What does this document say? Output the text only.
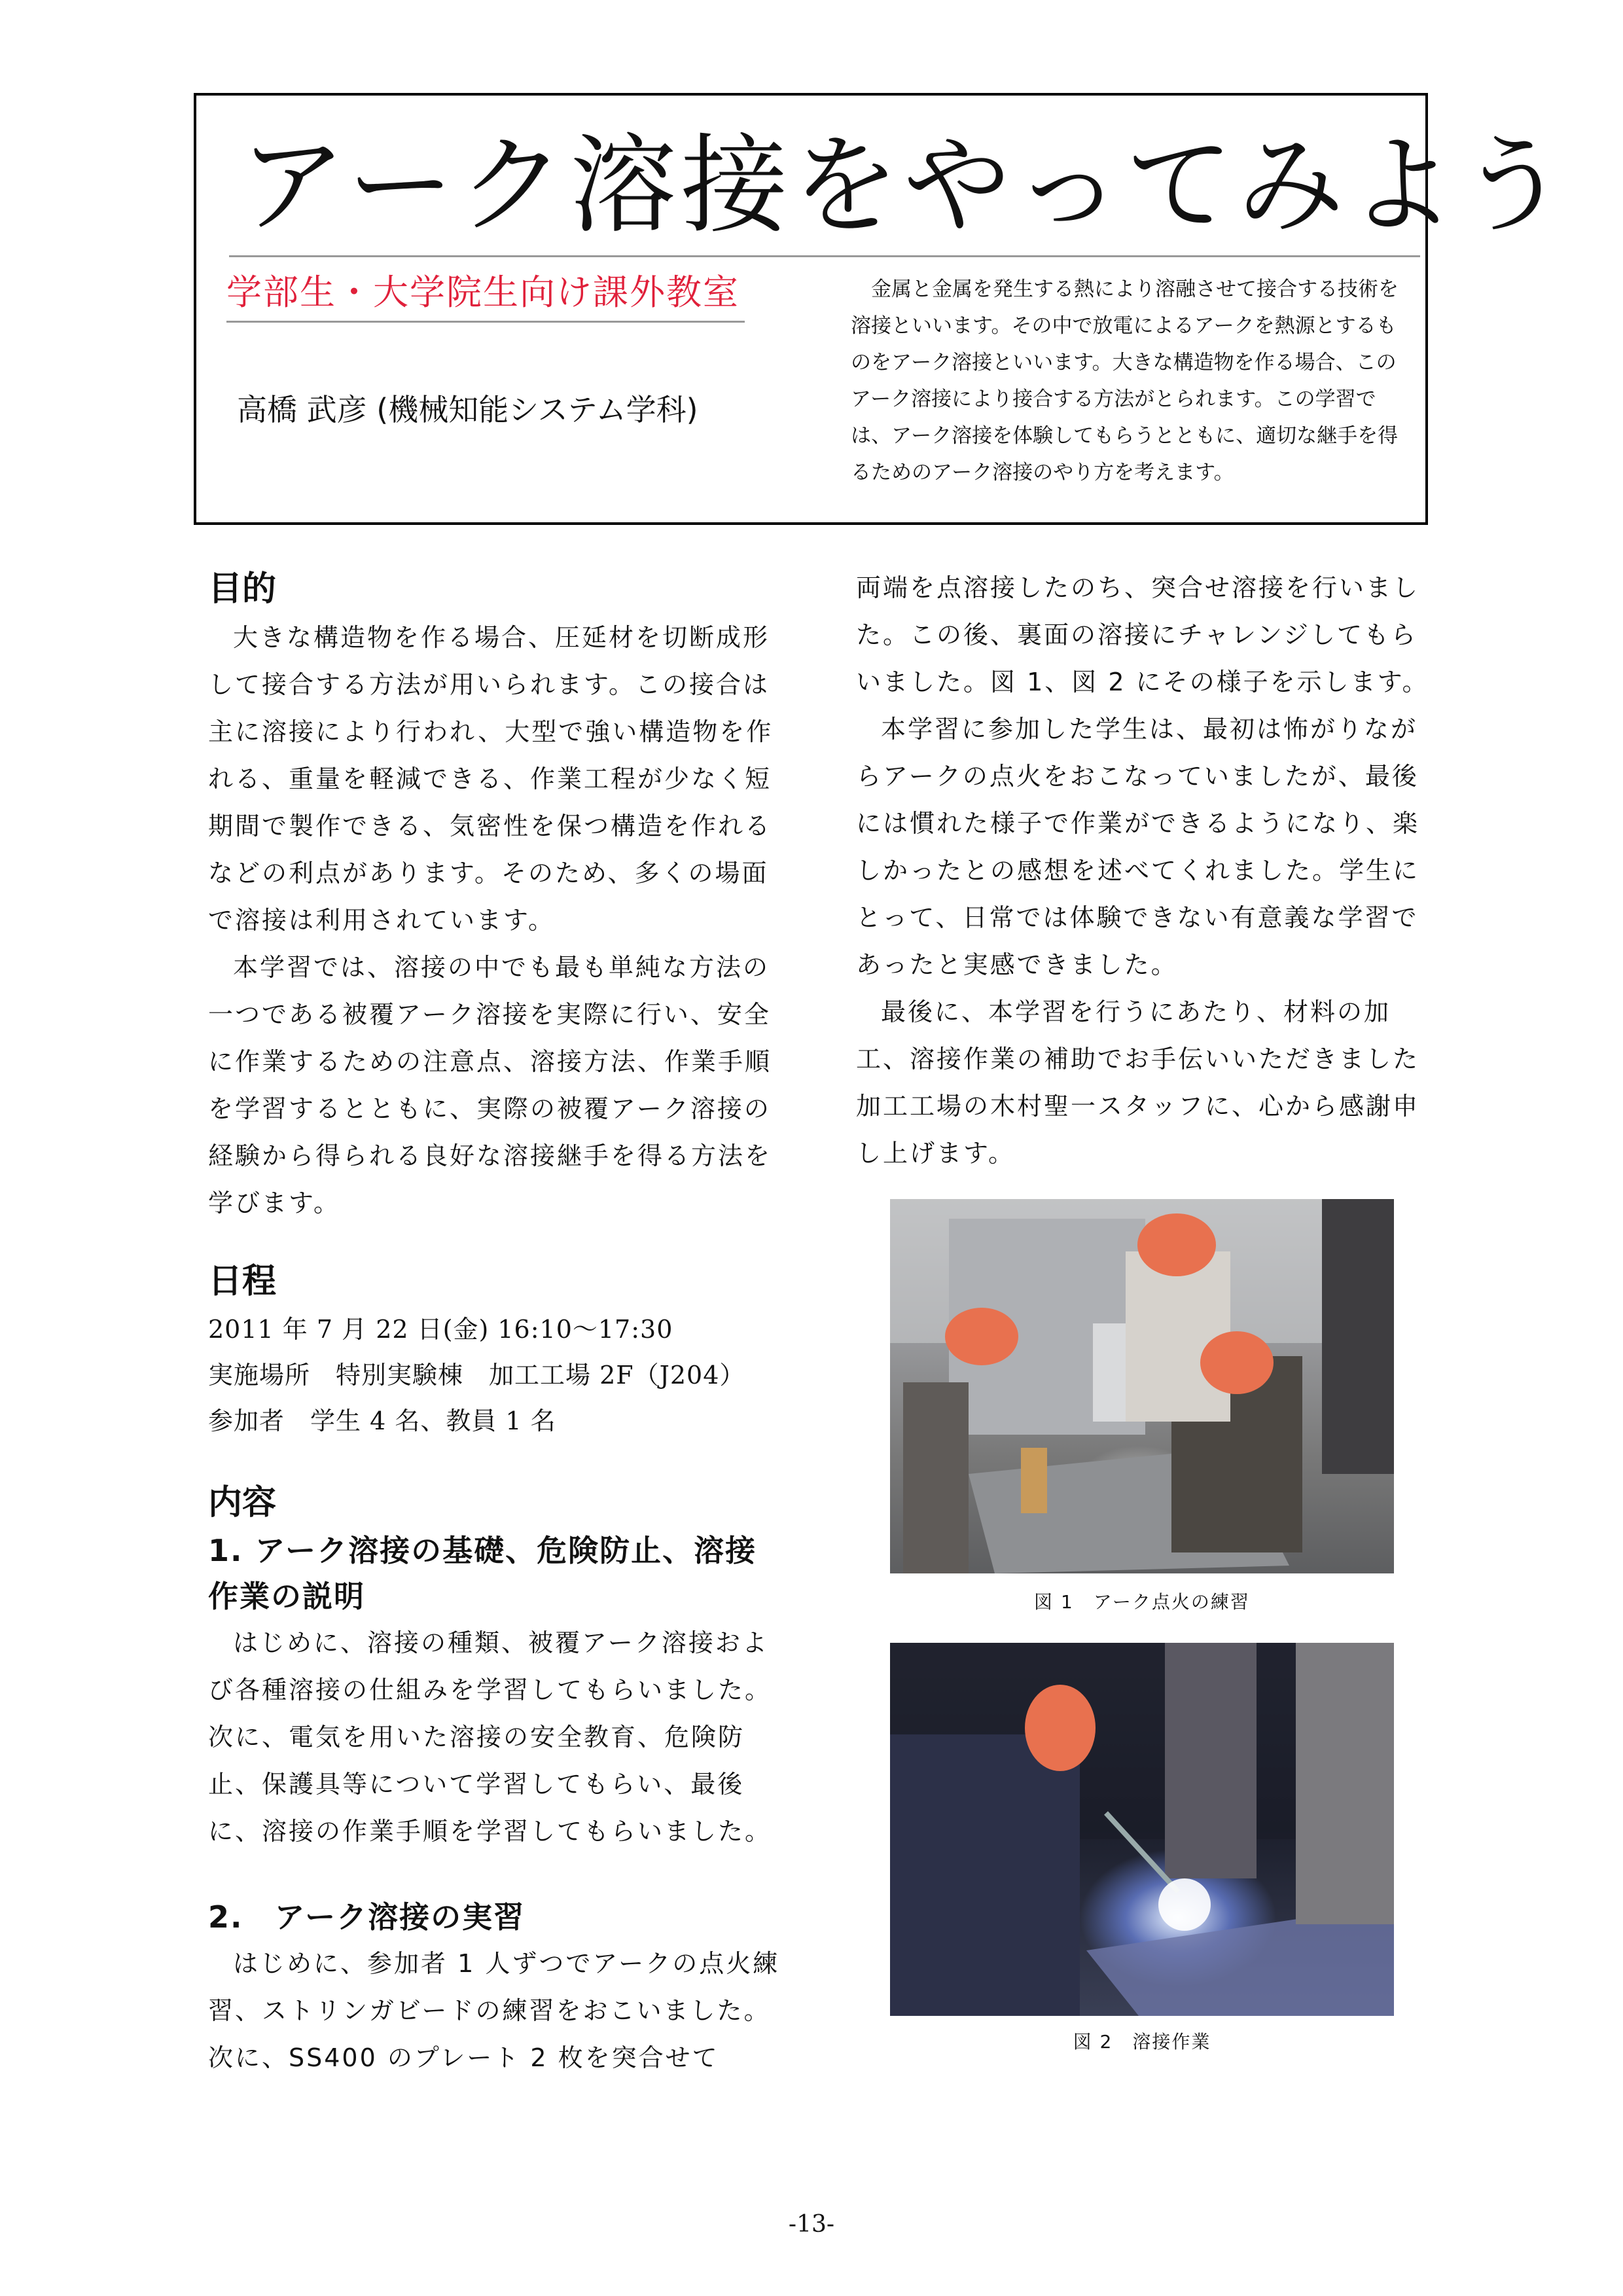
アーク溶接をやってみよう
学部生・大学院生向け課外教室
高橋 武彦 (機械知能システム学科)

金属と金属を発生する熱により溶融させて接合する技術を溶接といいます。その中で放電によるアークを熱源とするものをアーク溶接といいます。大きな構造物を作る場合、このアーク溶接により接合する方法がとられます。この学習では、アーク溶接を体験してもらうとともに、適切な継手を得るためのアーク溶接のやり方を考えます。

目的

大きな構造物を作る場合、圧延材を切断成形して接合する方法が用いられます。この接合は主に溶接により行われ、大型で強い構造物を作れる、重量を軽減できる、作業工程が少なく短期間で製作できる、気密性を保つ構造を作れるなどの利点があります。そのため、多くの場面で溶接は利用されています。

本学習では、溶接の中でも最も単純な方法の一つである被覆アーク溶接を実際に行い、安全に作業するための注意点、溶接方法、作業手順を学習するとともに、実際の被覆アーク溶接の経験から得られる良好な溶接継手を得る方法を学びます。

日程

2011 年 7 月 22 日(金) 16:10〜17:30

実施場所　特別実験棟　加工工場 2F（J204）

参加者　学生 4 名、教員 1 名

内容
1. アーク溶接の基礎、危険防止、溶接作業の説明

はじめに、溶接の種類、被覆アーク溶接および各種溶接の仕組みを学習してもらいました。次に、電気を用いた溶接の安全教育、危険防止、保護具等について学習してもらい、最後に、溶接の作業手順を学習してもらいました。

2.　アーク溶接の実習

はじめに、参加者 1 人ずつでアークの点火練習、ストリンガビードの練習をおこいました。次に、SS400 のプレート 2 枚を突合せて

両端を点溶接したのち、突合せ溶接を行いました。この後、裏面の溶接にチャレンジしてもらいました。図 1、図 2 にその様子を示します。

本学習に参加した学生は、最初は怖がりながらアークの点火をおこなっていましたが、最後には慣れた様子で作業ができるようになり、楽しかったとの感想を述べてくれました。学生にとって、日常では体験できない有意義な学習であったと実感できました。

最後に、本学習を行うにあたり、材料の加工、溶接作業の補助でお手伝いいただきました加工工場の木村聖一スタッフに、心から感謝申し上げます。

図 1　アーク点火の練習
図 2　溶接作業
-13-
